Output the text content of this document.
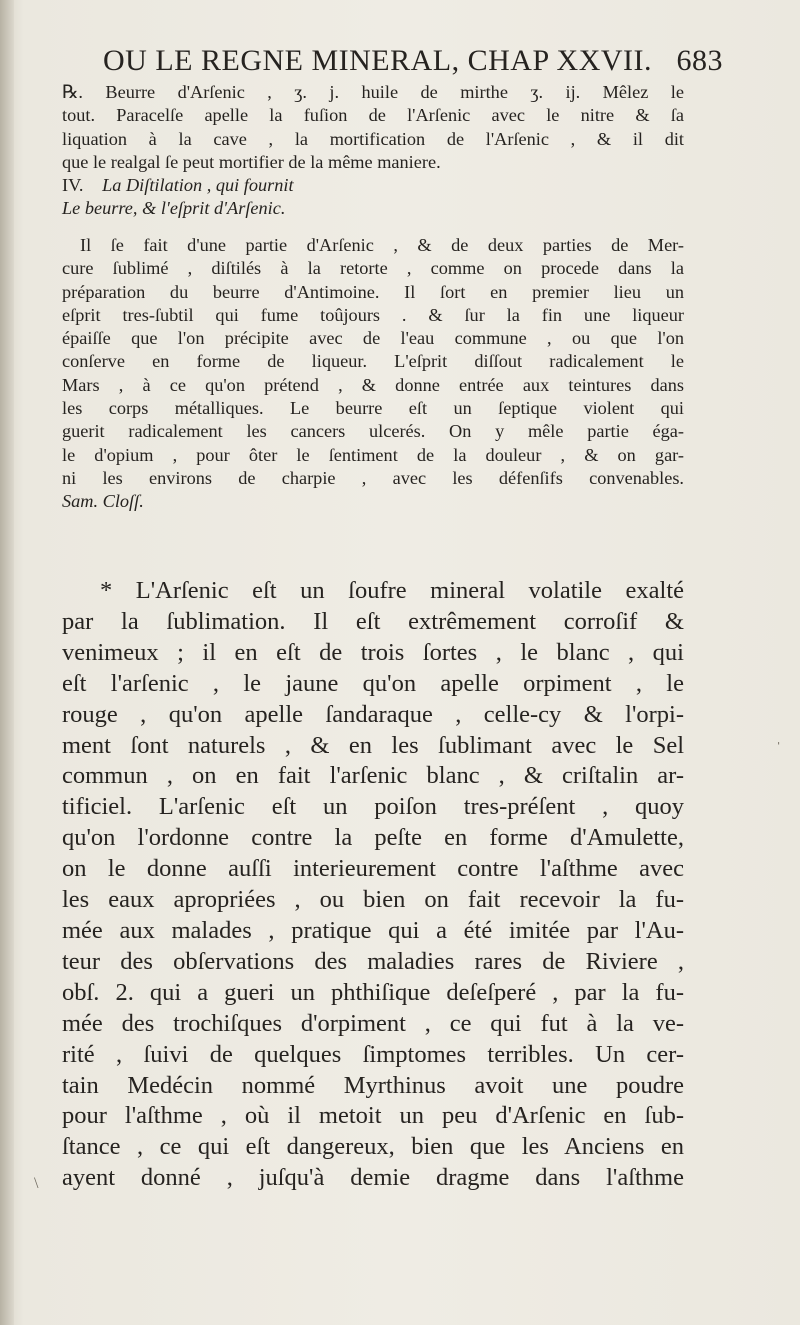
OU LE REGNE MINERAL, CHAP XXVII. 683
℞. Beurre d'Arſenic , ʒ. j. huile de mirthe ʒ. ij. Mêlez le
tout. Paracelſe apelle la fuſion de l'Arſenic avec le nitre & ſa
liquation à la cave , la mortification de l'Arſenic , & il dit
que le realgal ſe peut mortifier de la même maniere.
IV. La Diſtilation , qui fournit
Le beurre, & l'eſprit d'Arſenic.
Il ſe fait d'une partie d'Arſenic , & de deux parties de Mer-
cure ſublimé , diſtilés à la retorte , comme on procede dans la
préparation du beurre d'Antimoine. Il ſort en premier lieu un
eſprit tres-ſubtil qui fume toûjours . & ſur la fin une liqueur
épaiſſe que l'on précipite avec de l'eau commune , ou que l'on
conſerve en forme de liqueur. L'eſprit diſſout radicalement le
Mars , à ce qu'on prétend , & donne entrée aux teintures dans
les corps métalliques. Le beurre eſt un ſeptique violent qui
guerit radicalement les cancers ulcerés. On y mêle partie éga-
le d'opium , pour ôter le ſentiment de la douleur , & on gar-
ni les environs de charpie , avec les défenſifs convenables.
Sam. Cloſſ.
* L'Arſenic eſt un ſoufre mineral volatile exalté
par la ſublimation. Il eſt extrêmement corroſif &
venimeux ; il en eſt de trois ſortes , le blanc , qui
eſt l'arſenic , le jaune qu'on apelle orpiment , le
rouge , qu'on apelle ſandaraque , celle-cy & l'orpi-
ment ſont naturels , & en les ſublimant avec le Sel
commun , on en fait l'arſenic blanc , & criſtalin ar-
tificiel. L'arſenic eſt un poiſon tres-préſent , quoy
qu'on l'ordonne contre la peſte en forme d'Amulette,
on le donne auſſi interieurement contre l'aſthme avec
les eaux apropriées , ou bien on fait recevoir la fu-
mée aux malades , pratique qui a été imitée par l'Au-
teur des obſervations des maladies rares de Riviere ,
obſ. 2. qui a gueri un phthiſique deſeſperé , par la fu-
mée des trochiſques d'orpiment , ce qui fut à la ve-
rité , ſuivi de quelques ſimptomes terribles. Un cer-
tain Medécin nommé Myrthinus avoit une poudre
pour l'aſthme , où il metoit un peu d'Arſenic en ſub-
ſtance , ce qui eſt dangereux, bien que les Anciens en
ayent donné , juſqu'à demie dragme dans l'aſthme
ˈ
\
